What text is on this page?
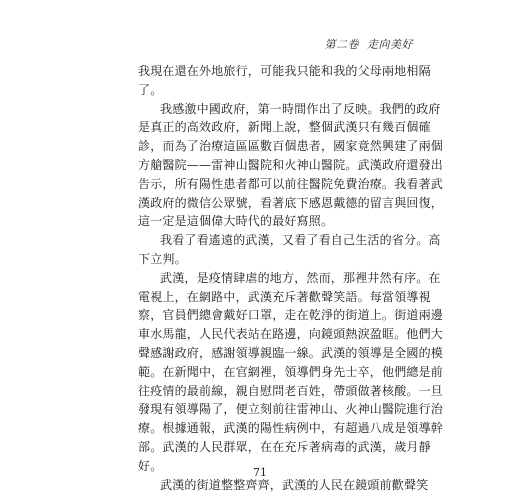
第二卷 走向美好
我現在還在外地旅行，可能我只能和我的父母兩地相隔
了。
我感激中國政府，第一時間作出了反映。我們的政府
是真正的高效政府，新聞上說，整個武漢只有幾百個確
診，而為了治療這區區數百個患者，國家竟然興建了兩個
方艙醫院——雷神山醫院和火神山醫院。武漢政府還發出
告示，所有陽性患者都可以前往醫院免費治療。我看著武
漢政府的微信公眾號，看著底下感恩戴德的留言與回復，
這一定是這個偉大時代的最好寫照。
我看了看遙遠的武漢，又看了看自己生活的省分。高
下立判。
武漢，是疫情肆虐的地方，然而，那裡井然有序。在
電視上，在網路中，武漢充斥著歡聲笑語。每當領導視
察，官員們總會戴好口罩，走在乾淨的街道上。街道兩邊
車水馬龍，人民代表站在路邊，向鏡頭熱淚盈眶。他們大
聲感謝政府，感謝領導親臨一線。武漢的領導是全國的模
範。在新聞中，在官網裡，領導們身先士卒，他們總是前
往疫情的最前線，親自慰問老百姓，帶頭做著核酸。一旦
發現有領導陽了，便立刻前往雷神山、火神山醫院進行治
療。根據通報，武漢的陽性病例中，有超過八成是領導幹
部。武漢的人民群眾，在在充斥著病毒的武漢，歲月靜
好。
武漢的街道整整齊齊，武漢的人民在鏡頭前歡聲笑
71
